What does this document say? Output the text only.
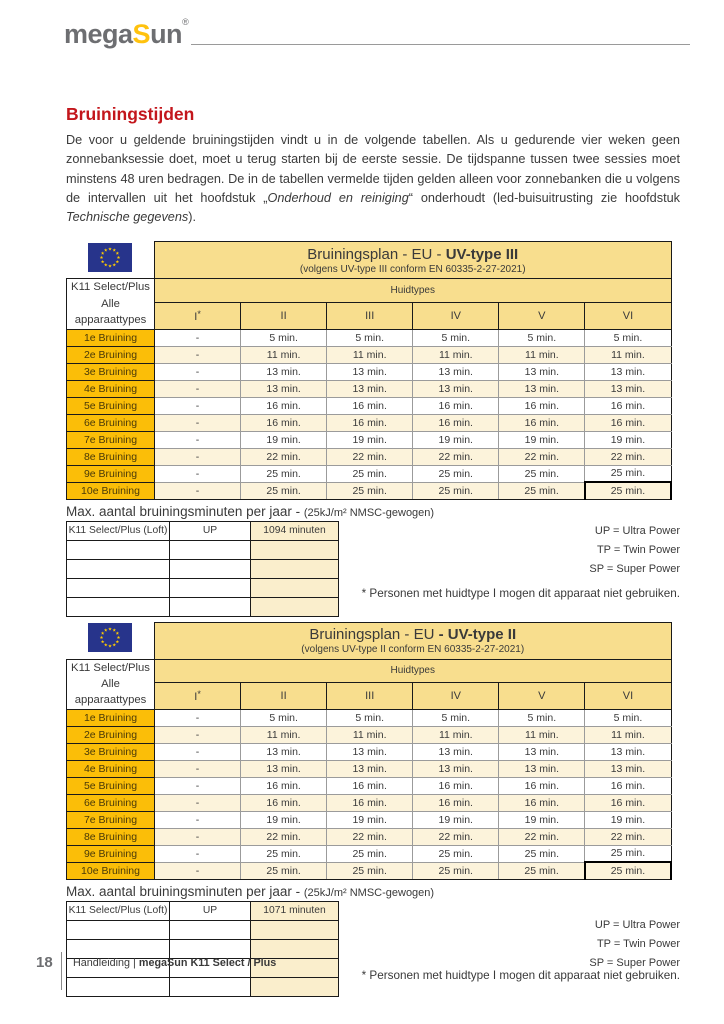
megaSun®
Bruiningstijden

De voor u geldende bruiningstijden vindt u in de volgende tabellen. Als u gedurende vier weken geen zonnebanksessie doet, moet u terug starten bij de eerste sessie. De tijdspanne tussen twee sessies moet minstens 48 uren bedragen. De in de tabellen vermelde tijden gelden alleen voor zonnebanken die u volgens de intervallen uit het hoofdstuk „Onderhoud en reiniging“ onderhoudt (led-buisuitrusting zie hoofdstuk Technische gegevens).

Bruiningsplan - EU - UV-type III
(volgens UV-type III conform EN 60335-2-27-2021)					

K11 Select/Plus
Alle apparaattypes	Huidtypes					
	I*	II	III	IV	V	VI
1e Bruining	-	5 min.	5 min.	5 min.	5 min.	5 min.
2e Bruining	-	11 min.	11 min.	11 min.	11 min.	11 min.
3e Bruining	-	13 min.	13 min.	13 min.	13 min.	13 min.
4e Bruining	-	13 min.	13 min.	13 min.	13 min.	13 min.
5e Bruining	-	16 min.	16 min.	16 min.	16 min.	16 min.
6e Bruining	-	16 min.	16 min.	16 min.	16 min.	16 min.
7e Bruining	-	19 min.	19 min.	19 min.	19 min.	19 min.
8e Bruining	-	22 min.	22 min.	22 min.	22 min.	22 min.
9e Bruining	-	25 min.	25 min.	25 min.	25 min.	25 min.
10e Bruining	-	25 min.	25 min.	25 min.	25 min.	25 min.
Max. aantal bruiningsminuten per jaar - (25kJ/m² NMSC-gewogen)
K11 Select/Plus (Loft)	UP	1094 minuten

			UP = Ultra Power
TP = Twin Power
SP = Super Power
* Personen met huidtype I mogen dit apparaat niet gebruiken.

Bruiningsplan - EU - UV-type II
(volgens UV-type II conform EN 60335-2-27-2021)					

K11 Select/Plus
Alle apparaattypes	Huidtypes					
	I*	II	III	IV	V	VI
1e Bruining	-	5 min.	5 min.	5 min.	5 min.	5 min.
2e Bruining	-	11 min.	11 min.	11 min.	11 min.	11 min.
3e Bruining	-	13 min.	13 min.	13 min.	13 min.	13 min.
4e Bruining	-	13 min.	13 min.	13 min.	13 min.	13 min.
5e Bruining	-	16 min.	16 min.	16 min.	16 min.	16 min.
6e Bruining	-	16 min.	16 min.	16 min.	16 min.	16 min.
7e Bruining	-	19 min.	19 min.	19 min.	19 min.	19 min.
8e Bruining	-	22 min.	22 min.	22 min.	22 min.	22 min.
9e Bruining	-	25 min.	25 min.	25 min.	25 min.	25 min.
10e Bruining	-	25 min.	25 min.	25 min.	25 min.	25 min.
Max. aantal bruiningsminuten per jaar - (25kJ/m² NMSC-gewogen)
K11 Select/Plus (Loft)	UP	1071 minuten

UP = Ultra Power
TP = Twin Power
SP = Super Power
* Personen met huidtype I mogen dit apparaat niet gebruiken.
18 Handleiding | megaSun K11 Select / Plus
